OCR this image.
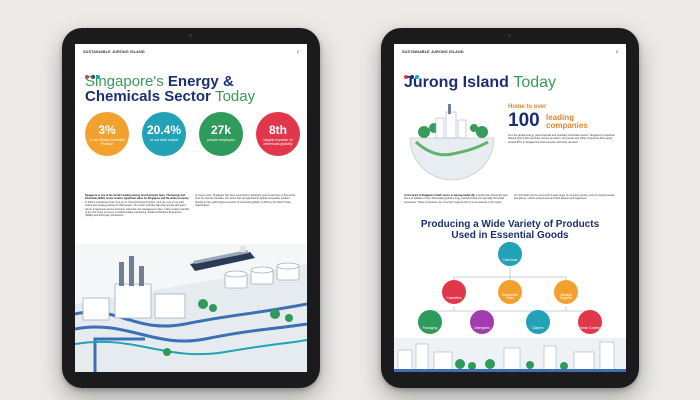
SUSTAINABLE JURONG ISLAND	2
Singapore's Energy &
Chemicals Sector Today
3%
of our Gross Domestic Product
20.4%
of our total output
27k
people employed
8th
largest exporter of chemicals globally
Singapore is one of the world's leading energy and chemicals hubs. The Energy and Chemicals (E&C) sector creates significant value for Singapore and the wider economy. In 2020 it contributed 3 per cent of our Gross Domestic Product, 20.4 per cent of our total output and employed about 27,000 people. The sector provides high-paying jobs with good career progression across technical, corporate and management roles. It also creates spinoffs to the rest of the economy, including trading companies, Small and Medium Enterprises (SMEs) and third-party contractors.
In recent years, Singapore has been successful in attracting new investments in this sector. Over the last two decades, the sector has strengthened its global competitive position, ranking as the eighth largest exporter of chemicals globally in 2019 by the World Trade Organization.
SUSTAINABLE JURONG ISLAND	3
Jurong Island Today
Home to over
100 leading companies
from the global energy, petrochemical and specialty chemicals sectors. Singapore's Liquefied Natural Gas (LNG) terminal, service providers, and power and utility companies that supply around 50% of Singapore's total domestic electricity demand.
At the heart of Singapore's E&C sector is Jurong Island (JI), a world-class chemicals park home to facilities of over 100 leading global energy, petrochemical and specialty chemicals companies. These companies use JI as their regional hub to serve markets in the region.
JI's chemicals can be turned into a wide range of consumer goods, such as surgical masks and gloves, vehicle components and food flavours and fragrances.
Producing a Wide Variety of Products
Used in Essential Goods
Chemicals
Cosmetics
Automotive Parts
Medical Supplies
Packaging	Detergents	Diapers	Paints/ Coatings
